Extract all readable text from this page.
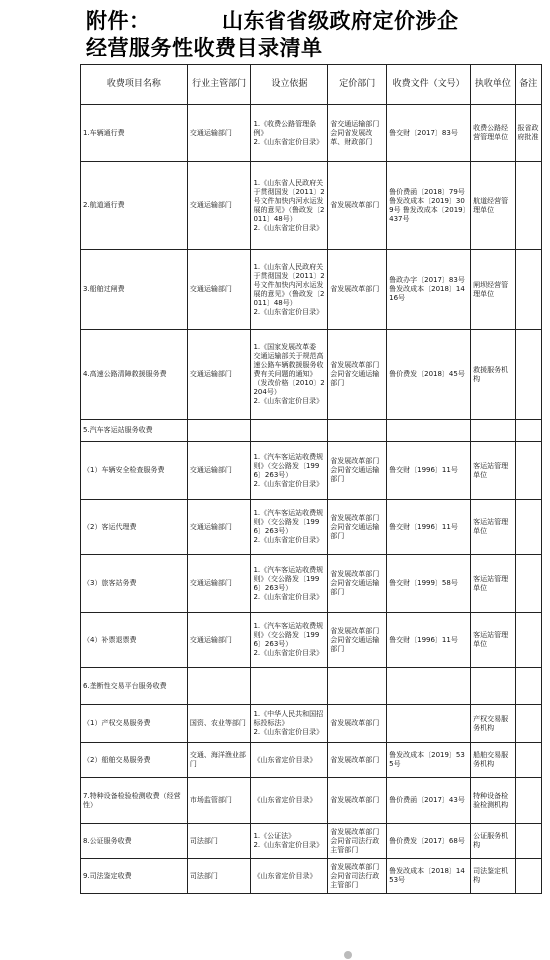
附件：	山东省省级政府定价涉企
经营服务性收费目录清单
收费项目名称	行业主管部门	设立依据	定价部门	收费文件（文号）	执收单位	备注
1.车辆通行费	交通运输部门	1.《收费公路管理条例》
2.《山东省定价目录》	省交通运输部门会同省发展改革、财政部门	鲁交财〔2017〕83号	收费公路经营管理单位	报省政府批准
2.航道通行费	交通运输部门	1.《山东省人民政府关于贯彻国发〔2011〕2号文件加快内河水运发展的意见》（鲁政发〔2011〕48号）
2.《山东省定价目录》	省发展改革部门	鲁价费函〔2018〕79号 鲁发改成本〔2019〕309号 鲁发改成本〔2019〕437号	航道经营管理单位	
3.船舶过闸费	交通运输部门	1.《山东省人民政府关于贯彻国发〔2011〕2号文件加快内河水运发展的意见》（鲁政发〔2011〕48号）
2.《山东省定价目录》	省发展改革部门	鲁政办字〔2017〕83号 鲁发改成本〔2018〕1416号	闸坝经营管理单位	
4.高速公路清障救援服务费	交通运输部门	1.《国家发展改革委 交通运输部关于规范高速公路车辆救援服务收费有关问题的通知》（发改价格〔2010〕2204号）
2.《山东省定价目录》	省发展改革部门会同省交通运输部门	鲁价费发〔2018〕45号	救援服务机构	
5.汽车客运站服务收费						
（1）车辆安全检查服务费	交通运输部门	1.《汽车客运站收费规则》（交公路发〔1996〕263号）
2.《山东省定价目录》	省发展改革部门会同省交通运输部门	鲁交财〔1996〕11号	客运站管理单位	
（2）客运代理费	交通运输部门	1.《汽车客运站收费规则》（交公路发〔1996〕263号）
2.《山东省定价目录》	省发展改革部门会同省交通运输部门	鲁交财〔1996〕11号	客运站管理单位	
（3）旅客站务费	交通运输部门	1.《汽车客运站收费规则》（交公路发〔1996〕263号）
2.《山东省定价目录》	省发展改革部门会同省交通运输部门	鲁交财〔1999〕58号	客运站管理单位	
（4）补票退票费	交通运输部门	1.《汽车客运站收费规则》（交公路发〔1996〕263号）
2.《山东省定价目录》	省发展改革部门会同省交通运输部门	鲁交财〔1996〕11号	客运站管理单位	
6.垄断性交易平台服务收费						
（1）产权交易服务费	国资、农业等部门	1.《中华人民共和国招标投标法》
2.《山东省定价目录》	省发展改革部门		产权交易服务机构	
（2）船舶交易服务费	交通、海洋渔业部门	《山东省定价目录》	省发展改革部门	鲁发改成本〔2019〕535号	船舶交易服务机构	
7.特种设备检验检测收费（经营性）	市场监管部门	《山东省定价目录》	省发展改革部门	鲁价费函〔2017〕43号	特种设备检验检测机构	
8.公证服务收费	司法部门	1.《公证法》
2.《山东省定价目录》	省发展改革部门会同省司法行政主管部门	鲁价费发〔2017〕68号	公证服务机构	
9.司法鉴定收费	司法部门	《山东省定价目录》	省发展改革部门会同省司法行政主管部门	鲁发改成本〔2018〕1453号	司法鉴定机构	
